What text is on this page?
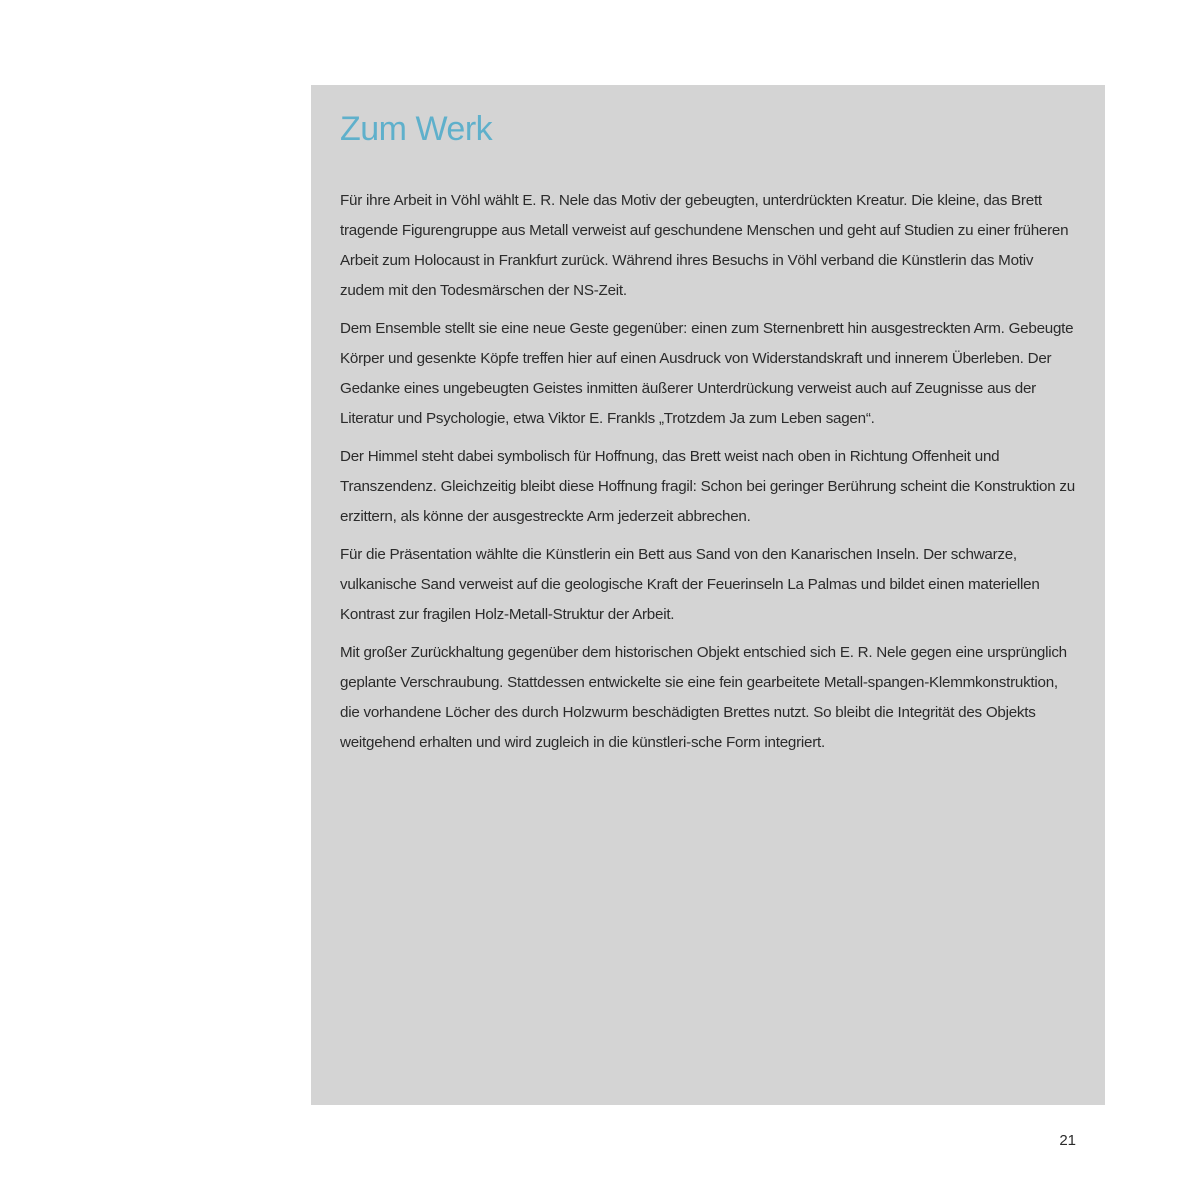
Zum Werk

Für ihre Arbeit in Vöhl wählt E. R. Nele das Motiv der gebeugten, unterdrückten Kreatur. Die kleine, das Brett tragende Figurengruppe aus Metall verweist auf geschundene Menschen und geht auf Studien zu einer früheren Arbeit zum Holocaust in Frankfurt zurück. Während ihres Besuchs in Vöhl verband die Künstlerin das Motiv zudem mit den Todesmärschen der NS-Zeit.

Dem Ensemble stellt sie eine neue Geste gegenüber: einen zum Sternenbrett hin ausgestreckten Arm. Gebeugte Körper und gesenkte Köpfe treffen hier auf einen Ausdruck von Widerstandskraft und innerem Überleben. Der Gedanke eines ungebeugten Geistes inmitten äußerer Unterdrückung verweist auch auf Zeugnisse aus der Literatur und Psychologie, etwa Viktor E. Frankls „Trotzdem Ja zum Leben sagen“.

Der Himmel steht dabei symbolisch für Hoffnung, das Brett weist nach oben in Richtung Offenheit und Transzendenz. Gleichzeitig bleibt diese Hoffnung fragil: Schon bei geringer Berührung scheint die Konstruktion zu erzittern, als könne der ausgestreckte Arm jederzeit abbrechen.

Für die Präsentation wählte die Künstlerin ein Bett aus Sand von den Kanarischen Inseln. Der schwarze, vulkanische Sand verweist auf die geologische Kraft der Feuerinseln La Palmas und bildet einen materiellen Kontrast zur fragilen Holz-Metall-Struktur der Arbeit.

Mit großer Zurückhaltung gegenüber dem historischen Objekt entschied sich E. R. Nele gegen eine ursprünglich geplante Verschraubung. Stattdessen entwickelte sie eine fein gearbeitete Metall-spangen-Klemmkonstruktion, die vorhandene Löcher des durch Holzwurm beschädigten Brettes nutzt. So bleibt die Integrität des Objekts weitgehend erhalten und wird zugleich in die künstleri-sche Form integriert.

21
